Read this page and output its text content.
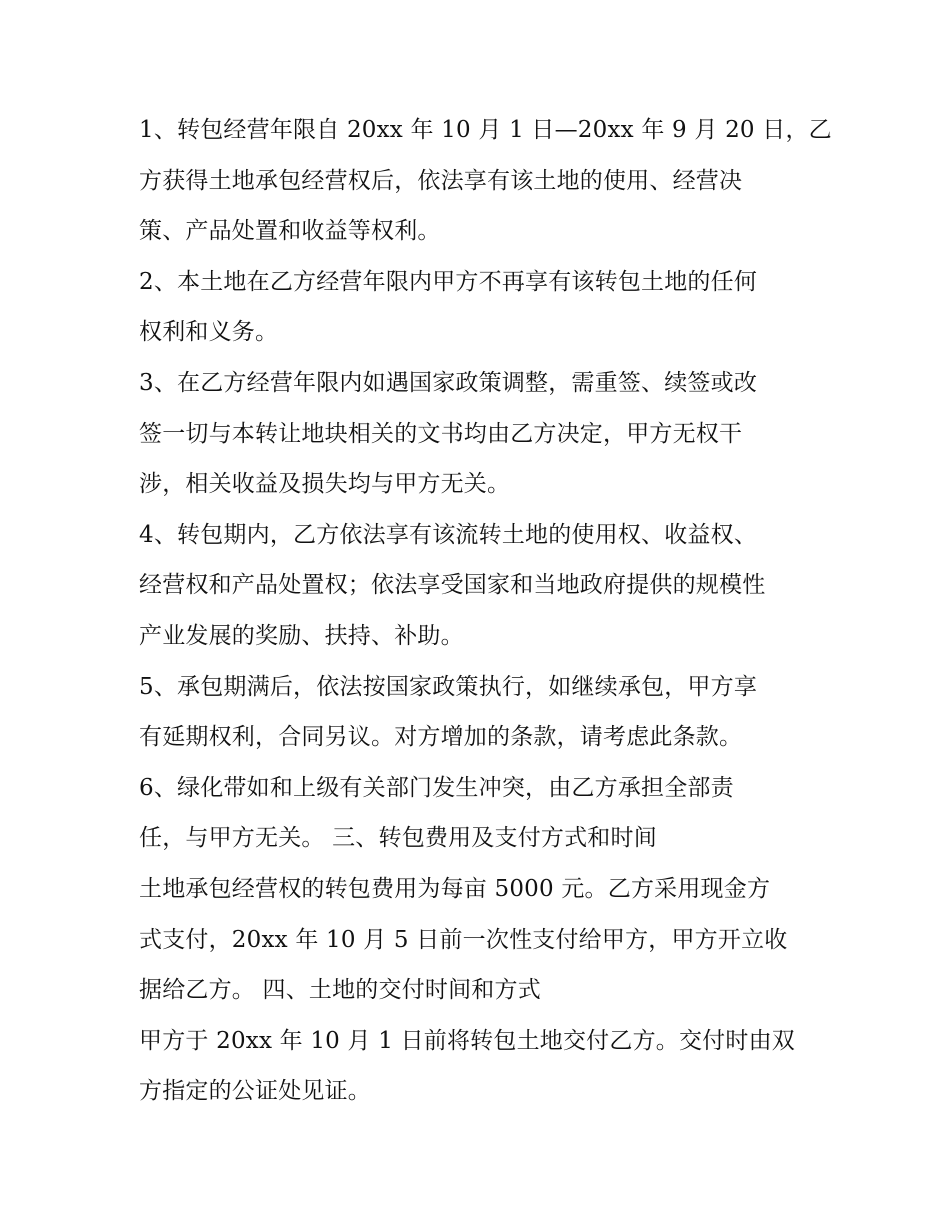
1、转包经营年限自 20xx 年 10 月 1 日—20xx 年 9 月 20 日，乙
方获得土地承包经营权后，依法享有该土地的使用、经营决
策、产品处置和收益等权利。
2、本土地在乙方经营年限内甲方不再享有该转包土地的任何
权利和义务。
3、在乙方经营年限内如遇国家政策调整，需重签、续签或改
签一切与本转让地块相关的文书均由乙方决定，甲方无权干
涉，相关收益及损失均与甲方无关。
4、转包期内，乙方依法享有该流转土地的使用权、收益权、
经营权和产品处置权；依法享受国家和当地政府提供的规模性
产业发展的奖励、扶持、补助。
5、承包期满后，依法按国家政策执行，如继续承包，甲方享
有延期权利，合同另议。对方增加的条款，请考虑此条款。
6、绿化带如和上级有关部门发生冲突，由乙方承担全部责
任，与甲方无关。 三、转包费用及支付方式和时间
土地承包经营权的转包费用为每亩 5000 元。乙方采用现金方
式支付，20xx 年 10 月 5 日前一次性支付给甲方，甲方开立收
据给乙方。 四、土地的交付时间和方式
甲方于 20xx 年 10 月 1 日前将转包土地交付乙方。交付时由双
方指定的公证处见证。
